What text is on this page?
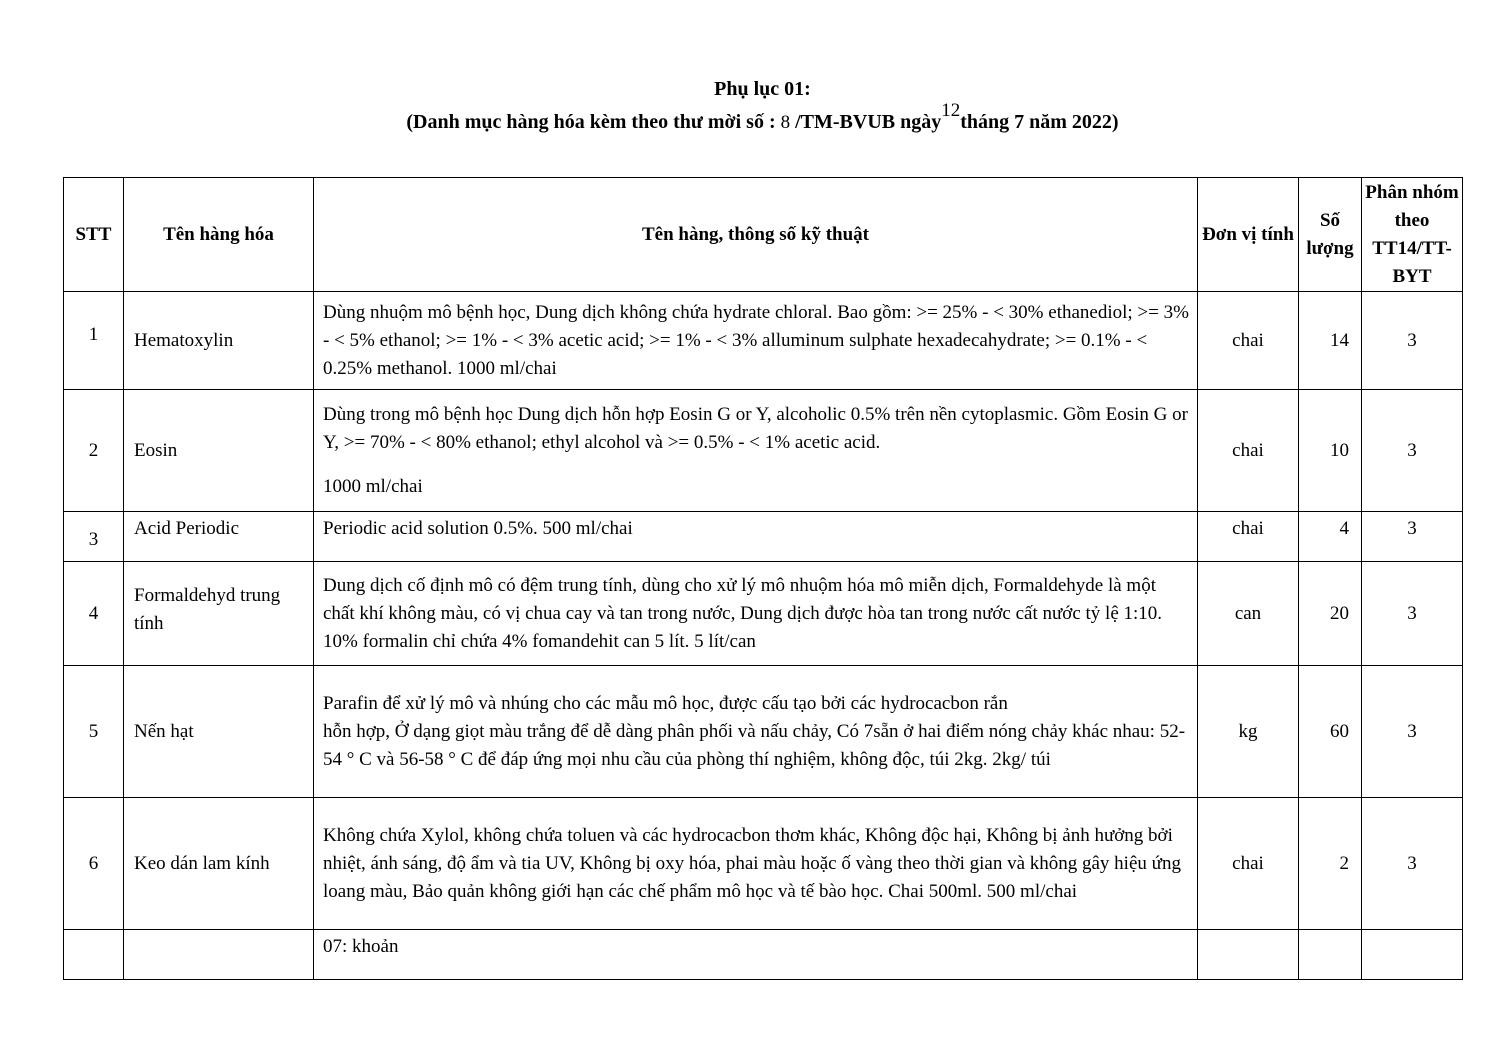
Phụ lục 01:
(Danh mục hàng hóa kèm theo thư mời số : 8 /TM-BVUB ngày12tháng 7 năm 2022)
STT	Tên hàng hóa	Tên hàng, thông số kỹ thuật	Đơn vị tính	Số lượng	Phân nhóm theo TT14/TT-BYT
1	Hematoxylin	Dùng nhuộm mô bệnh học, Dung dịch không chứa hydrate chloral. Bao gồm: >= 25% - < 30% ethanediol; >= 3% - < 5% ethanol; >= 1% - < 3% acetic acid; >= 1% - < 3% alluminum sulphate hexadecahydrate; >= 0.1% - < 0.25% methanol. 1000 ml/chai	chai	14	3
2	Eosin	Dùng trong mô bệnh học Dung dịch hỗn hợp Eosin G or Y, alcoholic 0.5% trên nền cytoplasmic. Gồm Eosin G or Y, >= 70% - < 80% ethanol; ethyl alcohol và >= 0.5% - < 1% acetic acid.
1000 ml/chai	chai	10	3
3	Acid Periodic	Periodic acid solution 0.5%. 500 ml/chai	chai	4	3
4	Formaldehyd trung tính	Dung dịch cố định mô có đệm trung tính, dùng cho xử lý mô nhuộm hóa mô miễn dịch, Formaldehyde là một chất khí không màu, có vị chua cay và tan trong nước, Dung dịch được hòa tan trong nước cất nước tỷ lệ 1:10. 10% formalin chỉ chứa 4% fomandehit can 5 lít. 5 lít/can	can	20	3
5	Nến hạt	Parafin để xử lý mô và nhúng cho các mẫu mô học, được cấu tạo bởi các hydrocacbon rắn
hỗn hợp, Ở dạng giọt màu trắng để dễ dàng phân phối và nấu chảy, Có 7sẵn ở hai điểm nóng chảy khác nhau: 52-54 ° C và 56-58 ° C để đáp ứng mọi nhu cầu của phòng thí nghiệm, không độc, túi 2kg. 2kg/ túi	kg	60	3
6	Keo dán lam kính	Không chứa Xylol, không chứa toluen và các hydrocacbon thơm khác, Không độc hại, Không bị ảnh hưởng bởi nhiệt, ánh sáng, độ ẩm và tia UV, Không bị oxy hóa, phai màu hoặc ố vàng theo thời gian và không gây hiệu ứng loang màu, Bảo quản không giới hạn các chế phẩm mô học và tế bào học. Chai 500ml. 500 ml/chai	chai	2	3
		07: khoản			
